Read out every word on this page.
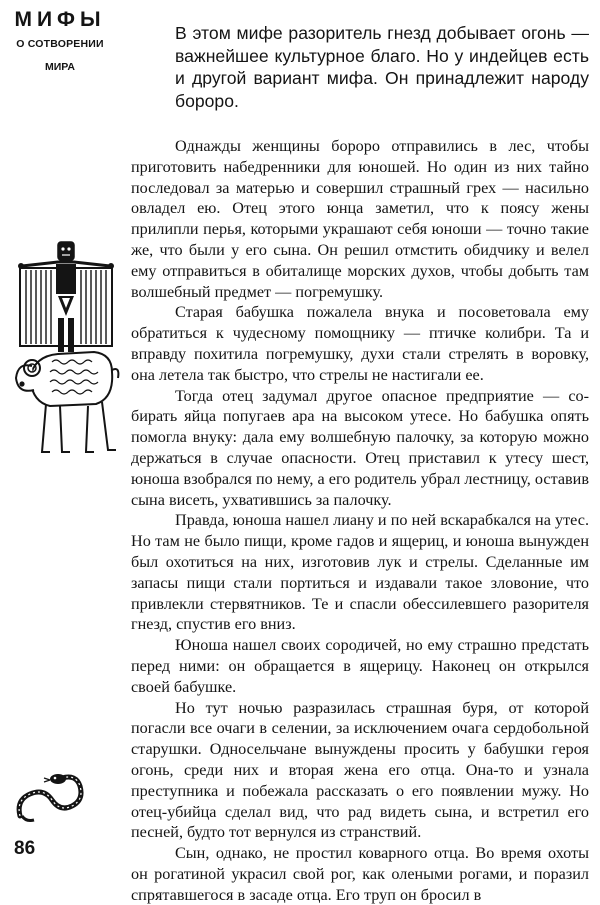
МИФЫ
О СОТВОРЕНИИ
МИРА

В этом мифе разоритель гнезд добывает огонь — важнейшее культурное благо. Но у индейцев есть и другой вариант мифа. Он принадлежит народу бороро.

Однажды женщины бороро отправились в лес, чтобы приготовить набедренники для юношей. Но один из них тайно последовал за матерью и совершил страшный грех — насильно овладел ею. Отец этого юнца заметил, что к поясу жены прилипли перья, которыми украшают себя юноши — точно такие же, что были у его сына. Он решил отмстить обидчику и велел ему отправиться в обиталище морских духов, чтобы добыть там волшебный предмет — погремушку.

Старая бабушка пожалела внука и посоветовала ему обратиться к чудесному помощнику — птичке колибри. Та и вправду похитила погремушку, духи стали стрелять в воровку, она летела так быстро, что стрелы не настигали ее.

Тогда отец задумал другое опасное предприятие — собирать яйца попугаев ара на высоком утесе. Но бабушка опять помогла внуку: дала ему волшебную палочку, за которую можно держаться в случае опасности. Отец приставил к утесу шест, юноша взобрался по нему, а его родитель убрал лестницу, оставив сына висеть, ухватившись за палочку.

Правда, юноша нашел лиану и по ней вскарабкался на утес. Но там не было пищи, кроме гадов и ящериц, и юноша вынужден был охотиться на них, изготовив лук и стрелы. Сделанные им запасы пищи стали портиться и издавали такое зловоние, что привлекли стервятников. Те и спасли обессилевшего разорителя гнезд, спустив его вниз.

Юноша нашел своих сородичей, но ему страшно предстать перед ними: он обращается в ящерицу. Наконец он открылся своей бабушке.

Но тут ночью разразилась страшная буря, от которой погасли все очаги в селении, за исключением очага сердобольной старушки. Односельчане вынуждены просить у бабушки героя огонь, среди них и вторая жена его отца. Она-то и узнала преступника и побежала рассказать о его появлении мужу. Но отец-убийца сделал вид, что рад видеть сына, и встретил его песней, будто тот вернулся из странствий.

Сын, однако, не простил коварного отца. Во время охоты он рогатиной украсил свой рог, как олеными рогами, и поразил спрятавшегося в засаде отца. Его труп он бросил в

86
